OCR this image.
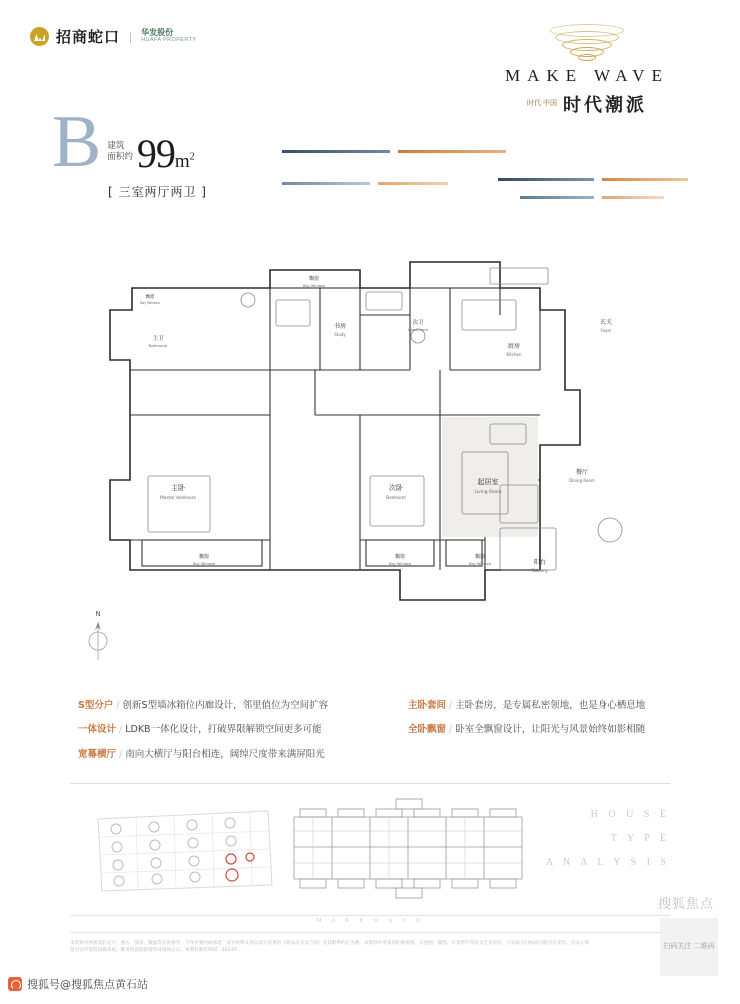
招商蛇口 | 华发股份
HUAFA PROPERTY
MAKE WAVE
时代 中国 时代潮派
B 建筑
面积约 99 $m^2$
[ 三室两厅两卫 ]
主卧
Master bedroom
次卧
Bedroom
书房
Study
起居室
Living Room
餐厅
Dining Room
厨房
Kitchen
主卫
Bathroom
次卫
Washroom
玄关
Foyer
阳台
Balcony
飘窗
Bay Window
飘窗
Bay Window
飘窗
Bay Window
飘窗
Bay Window
飘窗
Bay Window
N
S型分户 / 创新S型墙冰箱位内廊设计，邻里值位为空间扩容
一体设计 / LDKB一体化设计，打破界限解锁空间更多可能
宽幕横厅 / 南向大横厅与阳台相连，阔绰尺度带来满屏阳光
主卧套间 / 主卧套房，是专属私密领地，也是身心栖息地
全卧飘窗 / 卧室全飘窗设计，让阳光与风景始终如影相随
H O U S E
T Y P E
A N A L Y S I S
M A K E W A V E
本资料中所涉及的文字、图片、图表、数据等仅供参考，不作为要约或承诺，双方权利义务以双方签署的《商品房买卖合同》及其附件约定为准。本资料中所采用的效果图、示意图、插图、实景照片等仅为艺术创作，与实际交付标准可能存在差异。出卖人保留对宣传资料的修改权，敬请留意最新资料及现场公示。本资料制作时间：2023年。
搜狐焦点
扫码关注 二维码
搜狐号@搜狐焦点黄石站
